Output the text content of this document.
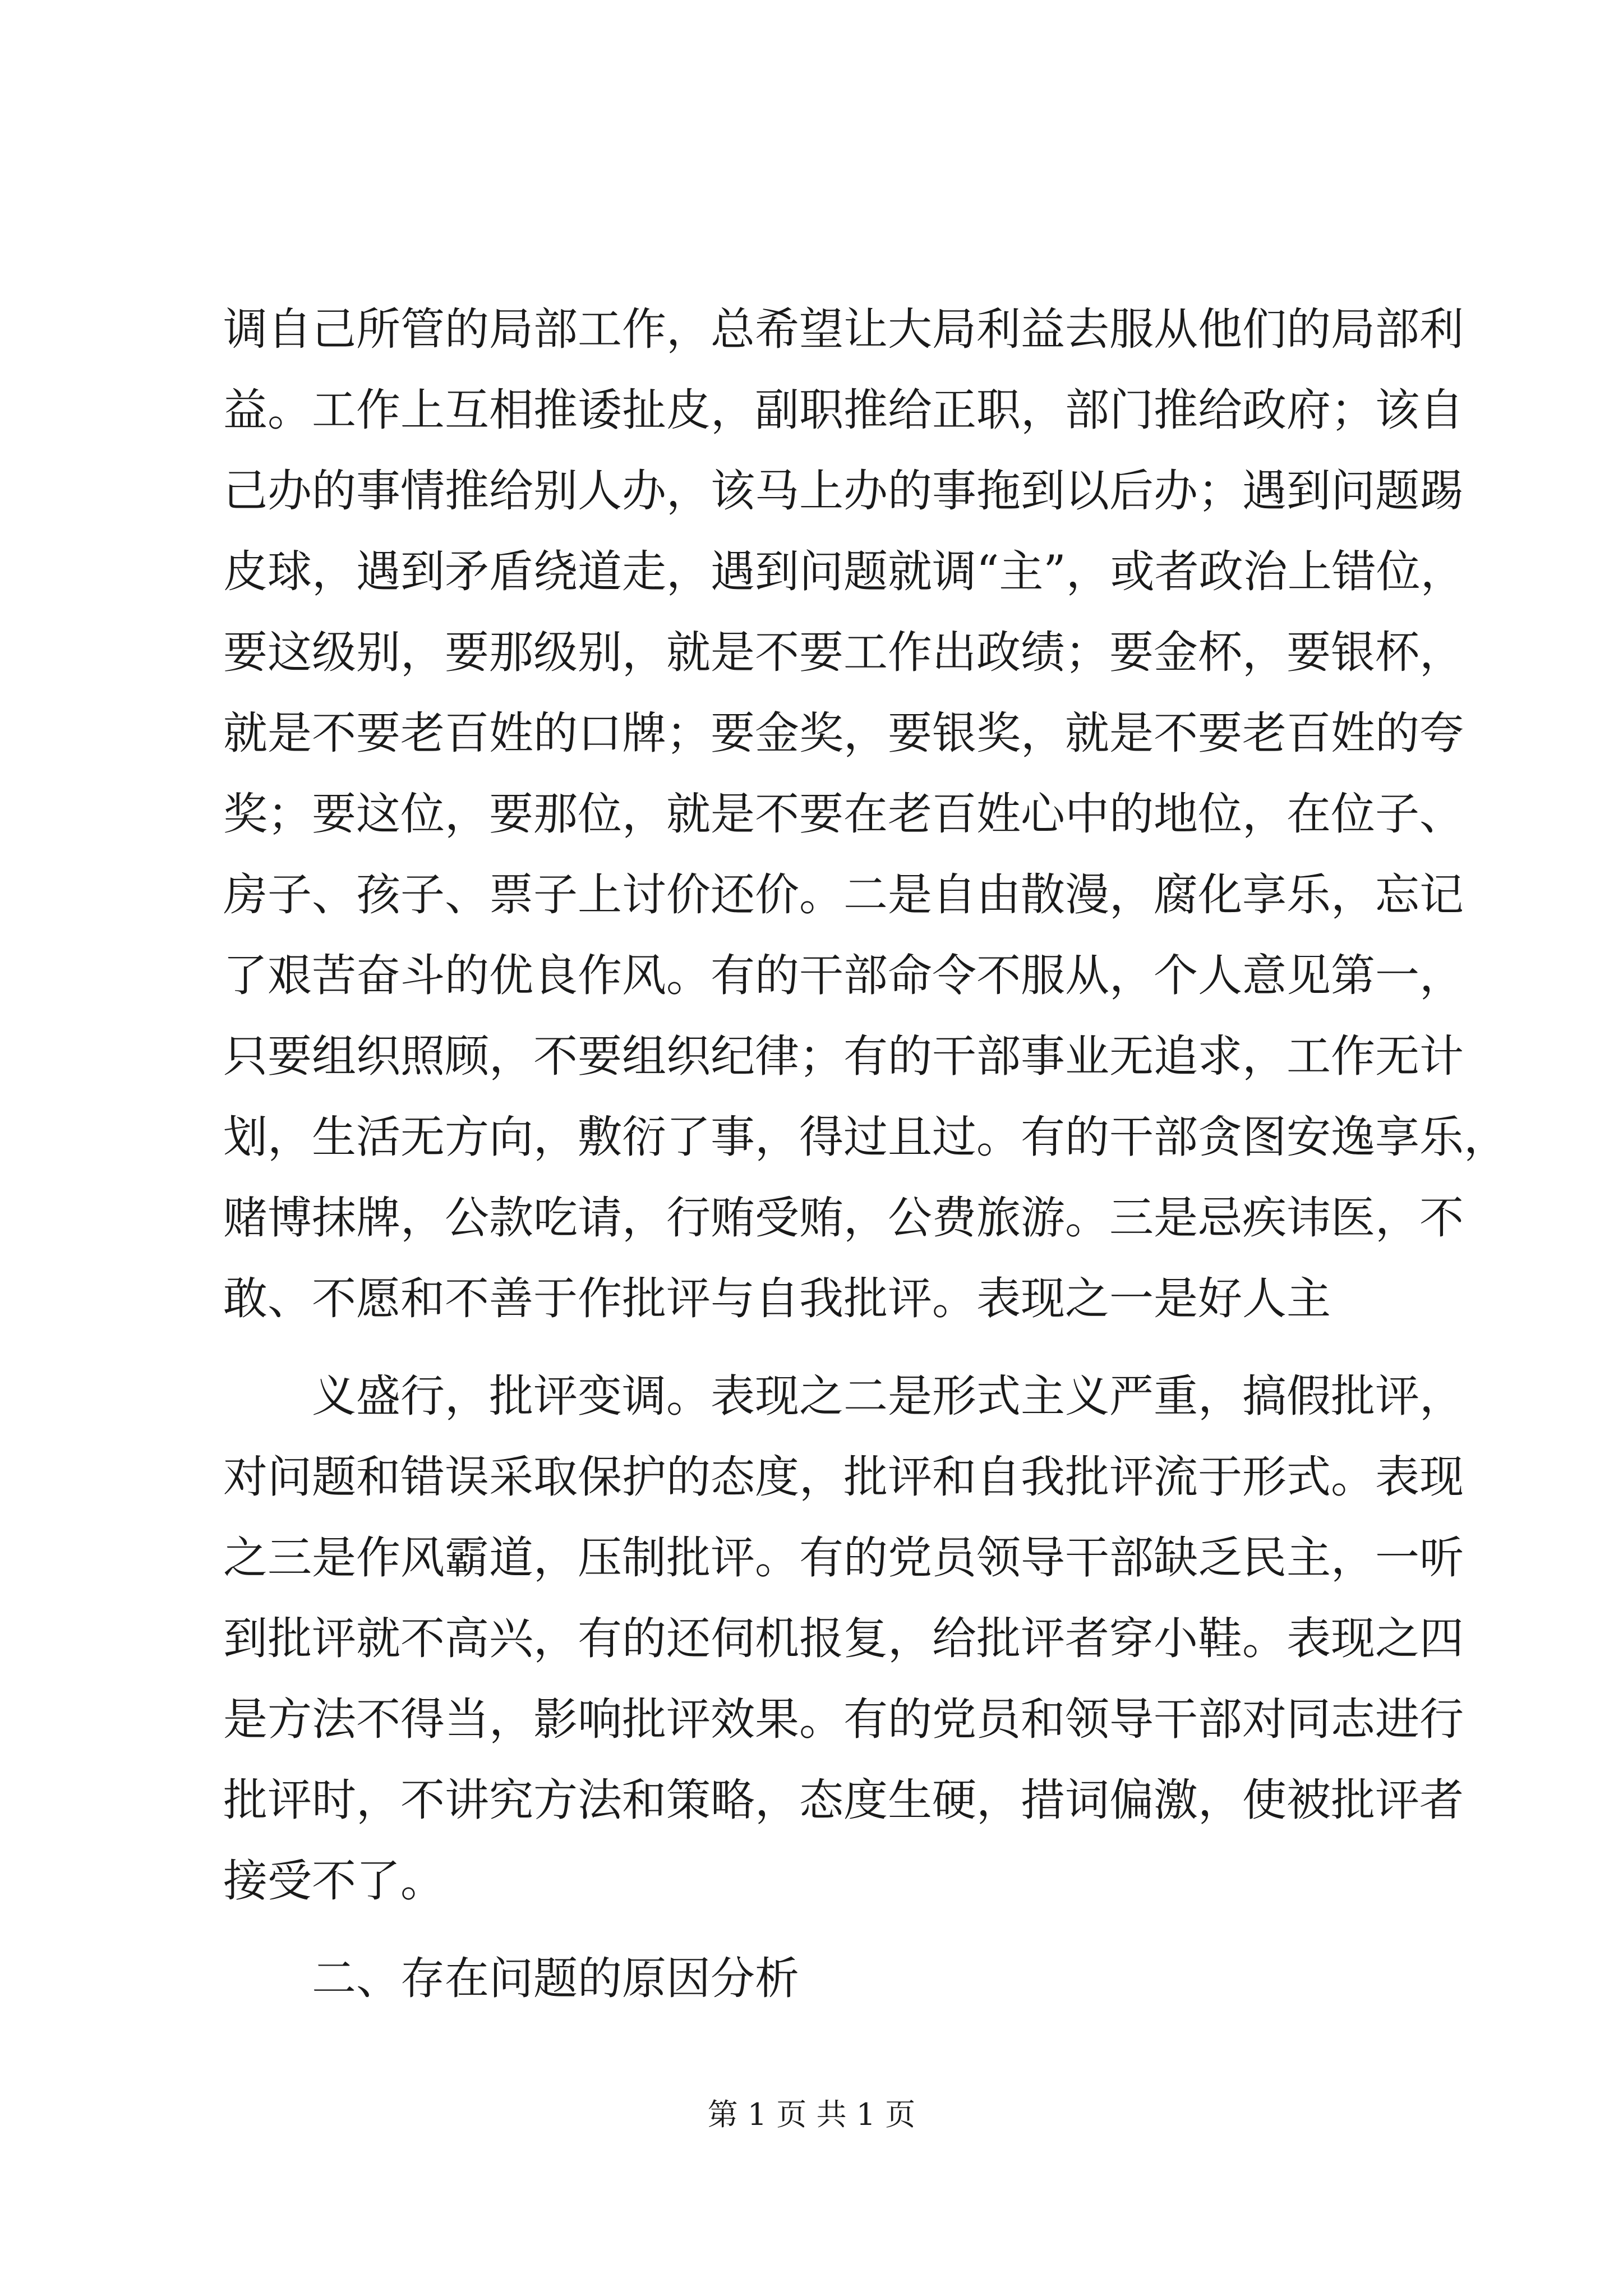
调自己所管的局部工作，总希望让大局利益去服从他们的局部利
益。工作上互相推诿扯皮，副职推给正职，部门推给政府；该自
己办的事情推给别人办，该马上办的事拖到以后办；遇到问题踢
皮球，遇到矛盾绕道走，遇到问题就调“主”，或者政治上错位，
要这级别，要那级别，就是不要工作出政绩；要金杯，要银杯，
就是不要老百姓的口牌；要金奖，要银奖，就是不要老百姓的夸
奖；要这位，要那位，就是不要在老百姓心中的地位，在位子、
房子、孩子、票子上讨价还价。二是自由散漫，腐化享乐，忘记
了艰苦奋斗的优良作风。有的干部命令不服从，个人意见第一，
只要组织照顾，不要组织纪律；有的干部事业无追求，工作无计
划，生活无方向，敷衍了事，得过且过。有的干部贪图安逸享乐，
赌博抹牌，公款吃请，行贿受贿，公费旅游。三是忌疾讳医，不
敢、不愿和不善于作批评与自我批评。表现之一是好人主
义盛行，批评变调。表现之二是形式主义严重，搞假批评，
对问题和错误采取保护的态度，批评和自我批评流于形式。表现
之三是作风霸道，压制批评。有的党员领导干部缺乏民主，一听
到批评就不高兴，有的还伺机报复，给批评者穿小鞋。表现之四
是方法不得当，影响批评效果。有的党员和领导干部对同志进行
批评时，不讲究方法和策略，态度生硬，措词偏激，使被批评者
接受不了。
二、存在问题的原因分析
第 1 页 共 1 页
